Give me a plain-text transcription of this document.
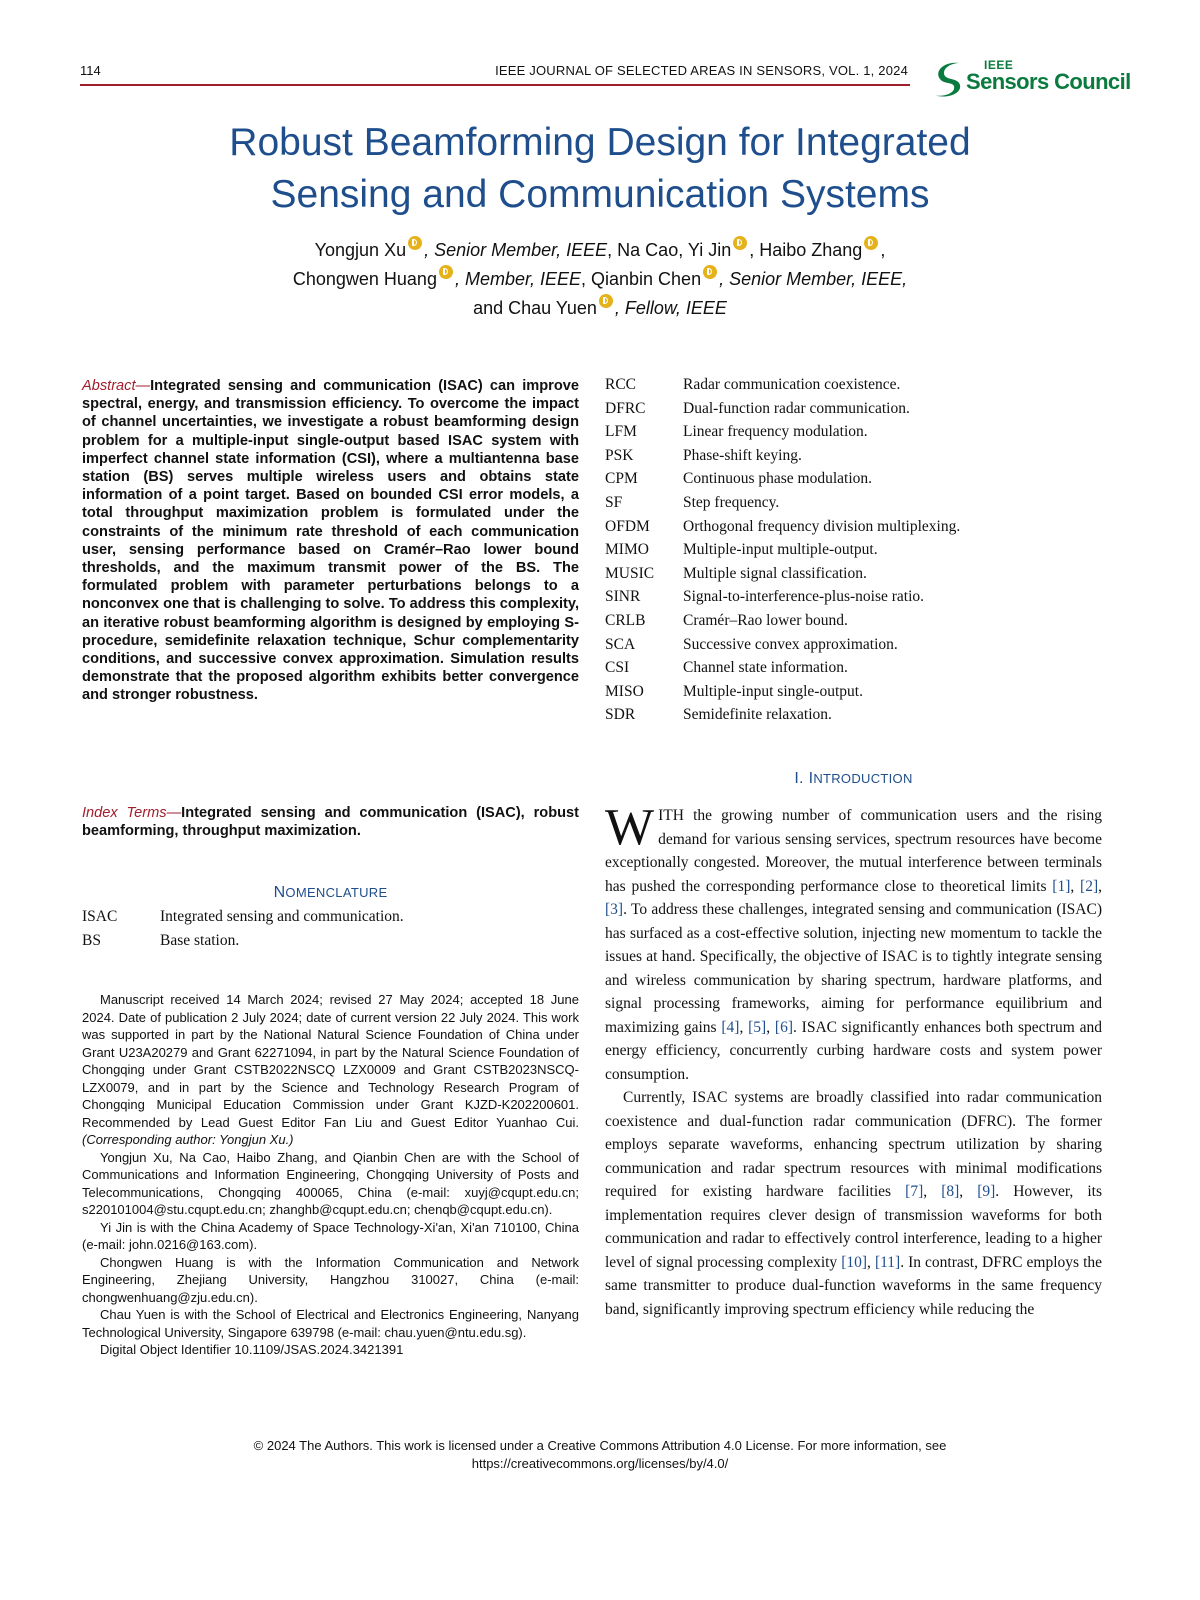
114	IEEE JOURNAL OF SELECTED AREAS IN SENSORS, VOL. 1, 2024	IEEE
Sensors Council
Robust Beamforming Design for Integrated
Sensing and Communication Systems
Yongjun Xu , Senior Member, IEEE, Na Cao, Yi Jin , Haibo Zhang ,
Chongwen Huang , Member, IEEE, Qianbin Chen , Senior Member, IEEE,
and Chau Yuen , Fellow, IEEE
Abstract—Integrated sensing and communication (ISAC) can improve spectral, energy, and transmission efficiency. To overcome the impact of channel uncertainties, we investigate a robust beamforming design problem for a multiple-input single-output based ISAC system with imperfect channel state information (CSI), where a multiantenna base station (BS) serves multiple wireless users and obtains state information of a point target. Based on bounded CSI error models, a total throughput maximization problem is formulated under the constraints of the minimum rate threshold of each communication user, sensing performance based on Cramér–Rao lower bound thresholds, and the maximum transmit power of the BS. The formulated problem with parameter perturbations belongs to a nonconvex one that is challenging to solve. To address this complexity, an iterative robust beamforming algorithm is designed by employing S-procedure, semidefinite relaxation technique, Schur complementarity conditions, and successive convex approximation. Simulation results demonstrate that the proposed algorithm exhibits better convergence and stronger robustness.
Index Terms—Integrated sensing and communication (ISAC), robust beamforming, throughput maximization.
NOMENCLATURE
ISAC	Integrated sensing and communication.
BS	Base station.
RCC	Radar communication coexistence.
DFRC Dual-function radar communication.
LFM	Linear frequency modulation.
PSK	Phase-shift keying.
CPM	Continuous phase modulation.
SF	Step frequency.
OFDM Orthogonal frequency division multiplexing.
MIMO Multiple-input multiple-output.
MUSIC Multiple signal classification.
SINR	Signal-to-interference-plus-noise ratio.
CRLB Cramér–Rao lower bound.
SCA	Successive convex approximation.
CSI	Channel state information.
MISO	Multiple-input single-output.
SDR	Semidefinite relaxation.

Manuscript received 14 March 2024; revised 27 May 2024; accepted 18 June 2024. Date of publication 2 July 2024; date of current version 22 July 2024. This work was supported in part by the National Natural Science Foundation of China under Grant U23A20279 and Grant 62271094, in part by the Natural Science Foundation of Chongqing under Grant CSTB2022NSCQ LZX0009 and Grant CSTB2023NSCQ-LZX0079, and in part by the Science and Technology Research Program of Chongqing Municipal Education Commission under Grant KJZD-K202200601. Recommended by Lead Guest Editor Fan Liu and Guest Editor Yuanhao Cui. (Corresponding author: Yongjun Xu.)

Yongjun Xu, Na Cao, Haibo Zhang, and Qianbin Chen are with the School of Communications and Information Engineering, Chongqing University of Posts and Telecommunications, Chongqing 400065, China (e-mail: xuyj@cqupt.edu.cn; s220101004@stu.cqupt.edu.cn; zhanghb@cqupt.edu.cn; chenqb@cqupt.edu.cn).

Yi Jin is with the China Academy of Space Technology-Xi'an, Xi'an 710100, China (e-mail: john.0216@163.com).

Chongwen Huang is with the Information Communication and Network Engineering, Zhejiang University, Hangzhou 310027, China (e-mail: chongwenhuang@zju.edu.cn).

Chau Yuen is with the School of Electrical and Electronics Engineering, Nanyang Technological University, Singapore 639798 (e-mail: chau.yuen@ntu.edu.sg).

Digital Object Identifier 10.1109/JSAS.2024.3421391

I. INTRODUCTION

WITH the growing number of communication users and the rising demand for various sensing services, spectrum resources have become exceptionally congested. Moreover, the mutual interference between terminals has pushed the corresponding performance close to theoretical limits [1], [2], [3]. To address these challenges, integrated sensing and communication (ISAC) has surfaced as a cost-effective solution, injecting new momentum to tackle the issues at hand. Specifically, the objective of ISAC is to tightly integrate sensing and wireless communication by sharing spectrum, hardware platforms, and signal processing frameworks, aiming for performance equilibrium and maximizing gains [4], [5], [6]. ISAC significantly enhances both spectrum and energy efficiency, concurrently curbing hardware costs and system power consumption.

Currently, ISAC systems are broadly classified into radar communication coexistence and dual-function radar communication (DFRC). The former employs separate waveforms, enhancing spectrum utilization by sharing communication and radar spectrum resources with minimal modifications required for existing hardware facilities [7], [8], [9]. However, its implementation requires clever design of transmission waveforms for both communication and radar to effectively control interference, leading to a higher level of signal processing complexity [10], [11]. In contrast, DFRC employs the same transmitter to produce dual-function waveforms in the same frequency band, significantly improving spectrum efficiency while reducing the

© 2024 The Authors. This work is licensed under a Creative Commons Attribution 4.0 License. For more information, see
https://creativecommons.org/licenses/by/4.0/
